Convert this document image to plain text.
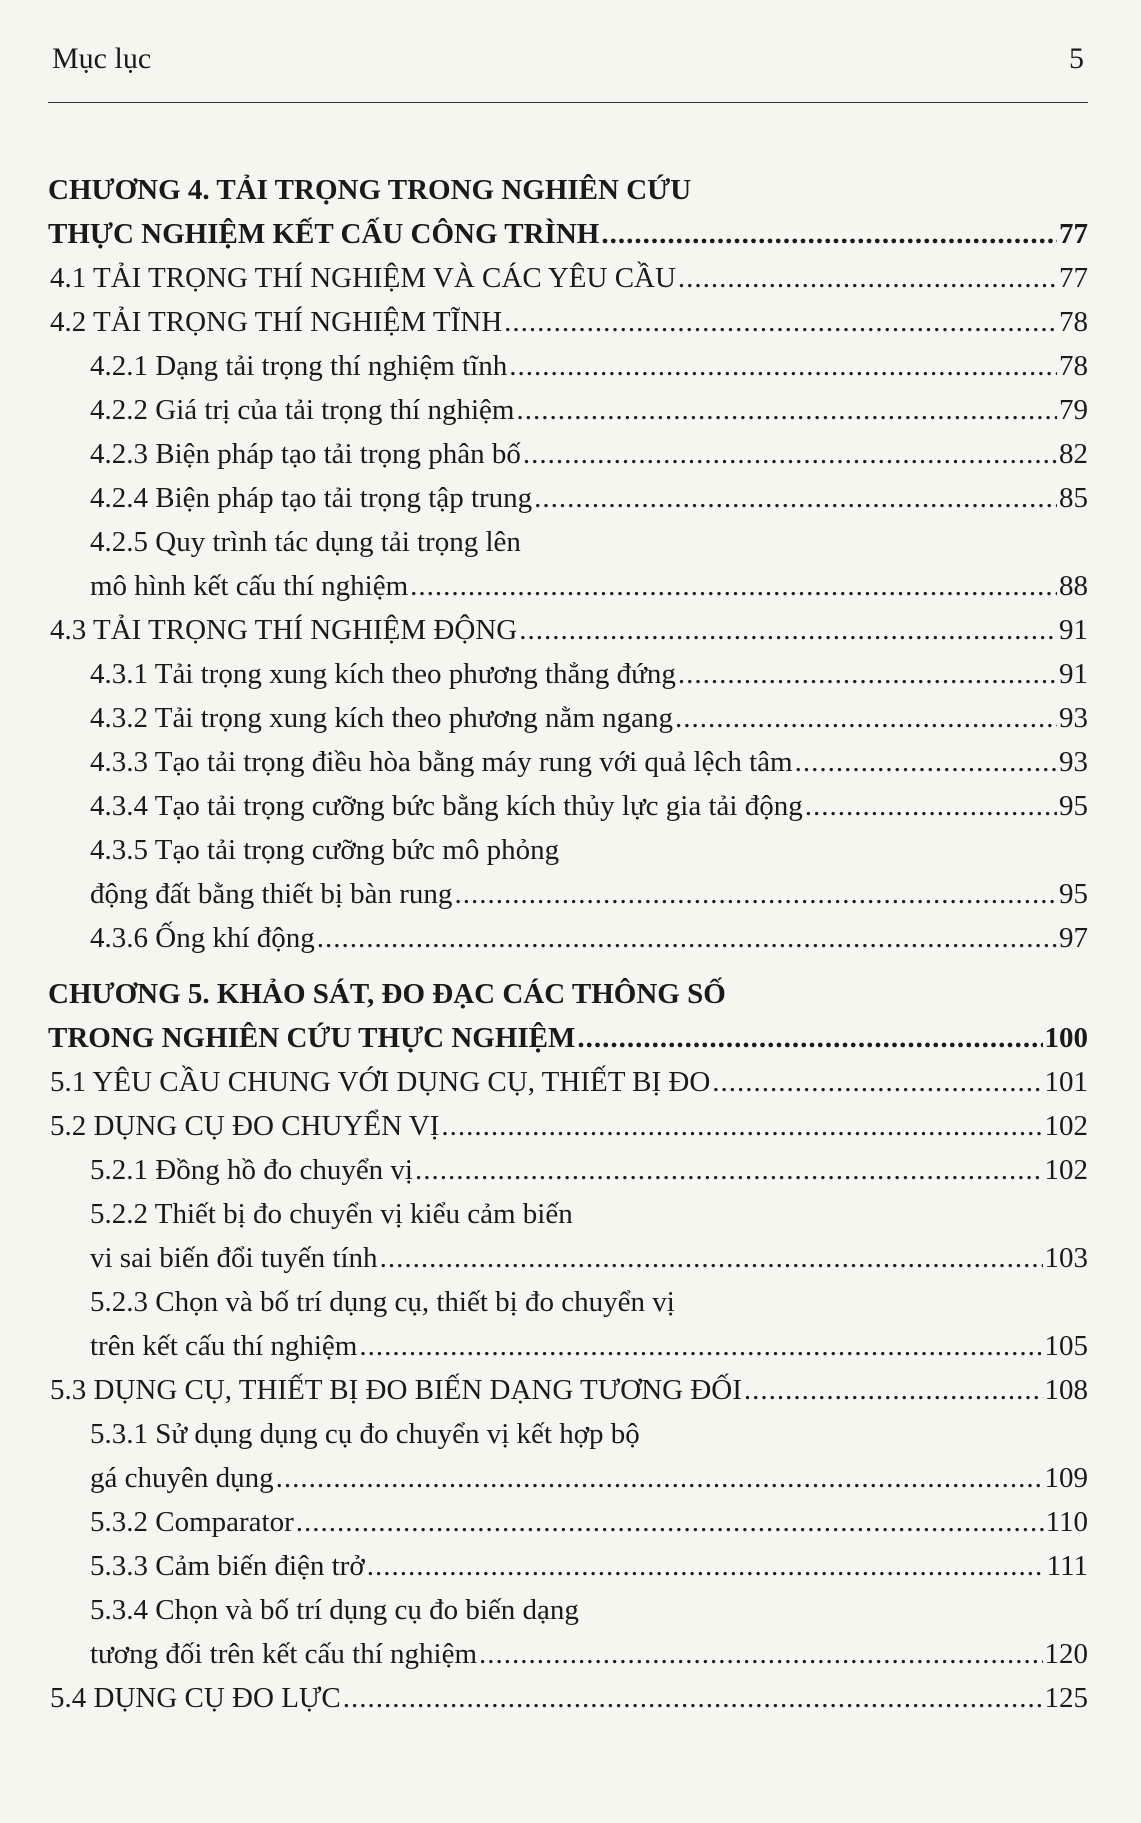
Mục lục	5
CHƯƠNG 4. TẢI TRỌNG TRONG NGHIÊN CỨU
THỰC NGHIỆM KẾT CẤU CÔNG TRÌNH .....	77
4.1 TẢI TRỌNG THÍ NGHIỆM VÀ CÁC YÊU CẦU .....	77
4.2 TẢI TRỌNG THÍ NGHIỆM TĨNH .....	78
4.2.1 Dạng tải trọng thí nghiệm tĩnh .....	78
4.2.2 Giá trị của tải trọng thí nghiệm .....	79
4.2.3 Biện pháp tạo tải trọng phân bố .....	82
4.2.4 Biện pháp tạo tải trọng tập trung .....	85
4.2.5 Quy trình tác dụng tải trọng lên
mô hình kết cấu thí nghiệm .....	88
4.3 TẢI TRỌNG THÍ NGHIỆM ĐỘNG .....	91
4.3.1 Tải trọng xung kích theo phương thẳng đứng .....	91
4.3.2 Tải trọng xung kích theo phương nằm ngang .....	93
4.3.3 Tạo tải trọng điều hòa bằng máy rung với quả lệch tâm .....	93
4.3.4 Tạo tải trọng cưỡng bức bằng kích thủy lực gia tải động .....	95
4.3.5 Tạo tải trọng cưỡng bức mô phỏng
động đất bằng thiết bị bàn rung .....	95
4.3.6 Ống khí động .....	97
CHƯƠNG 5. KHẢO SÁT, ĐO ĐẠC CÁC THÔNG SỐ
TRONG NGHIÊN CỨU THỰC NGHIỆM .....	100
5.1 YÊU CẦU CHUNG VỚI DỤNG CỤ, THIẾT BỊ ĐO .....	101
5.2 DỤNG CỤ ĐO CHUYỂN VỊ .....	102
5.2.1 Đồng hồ đo chuyển vị .....	102
5.2.2 Thiết bị đo chuyển vị kiểu cảm biến
vi sai biến đổi tuyến tính .....	103
5.2.3 Chọn và bố trí dụng cụ, thiết bị đo chuyển vị
trên kết cấu thí nghiệm .....	105
5.3 DỤNG CỤ, THIẾT BỊ ĐO BIẾN DẠNG TƯƠNG ĐỐI .....	108
5.3.1 Sử dụng dụng cụ đo chuyển vị kết hợp bộ
gá chuyên dụng .....	109
5.3.2 Comparator .....	110
5.3.3 Cảm biến điện trở .....	111
5.3.4 Chọn và bố trí dụng cụ đo biến dạng
tương đối trên kết cấu thí nghiệm .....	120
5.4 DỤNG CỤ ĐO LỰC .....	125
